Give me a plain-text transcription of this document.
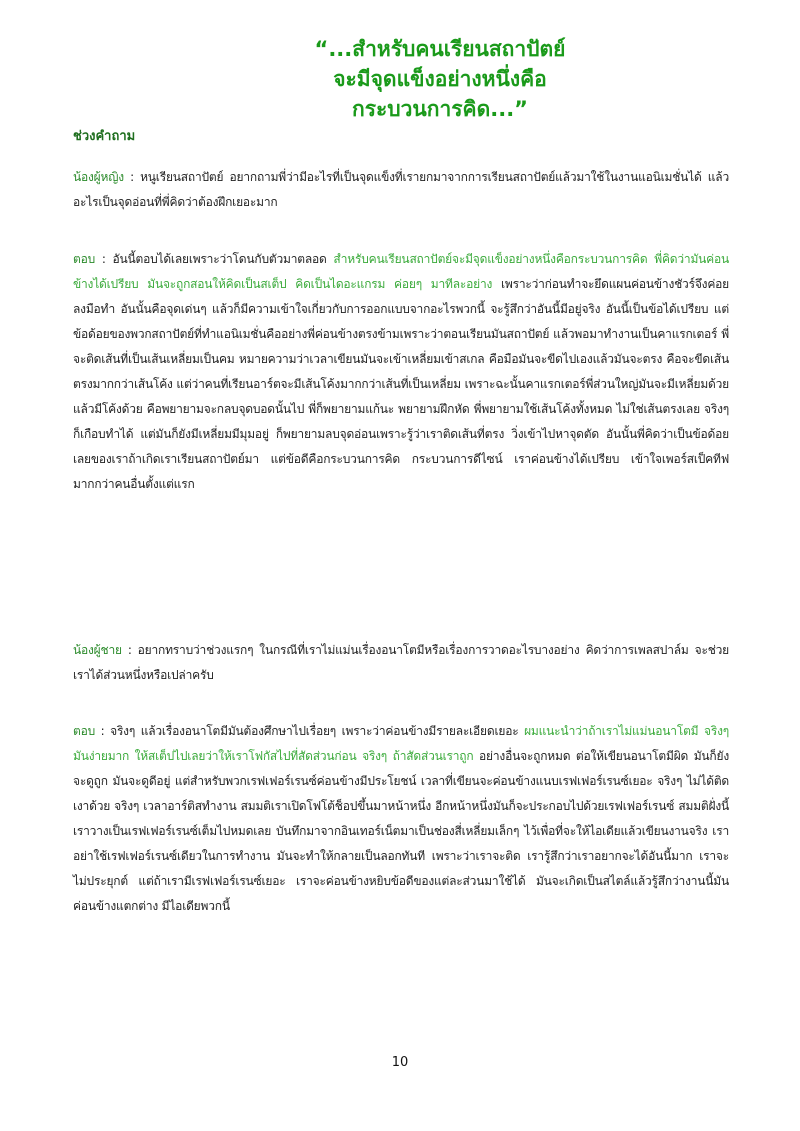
“...สำหรับคนเรียนสถาปัตย์
จะมีจุดแข็งอย่างหนึ่งคือ
กระบวนการคิด...”
ช่วงคำถาม
น้องผู้หญิง : หนูเรียนสถาปัตย์ อยากถามพี่ว่ามีอะไรที่เป็นจุดแข็งที่เรายกมาจากการเรียนสถาปัตย์แล้วมาใช้ในงานแอนิเมชั่นได้ แล้วอะไรเป็นจุดอ่อนที่พี่คิดว่าต้องฝึกเยอะมาก
ตอบ : อันนี้ตอบได้เลยเพราะว่าโดนกับตัวมาตลอด สำหรับคนเรียนสถาปัตย์จะมีจุดแข็งอย่างหนึ่งคือกระบวนการคิด พี่คิดว่ามันค่อนข้างได้เปรียบ มันจะถูกสอนให้คิดเป็นสเต็ป คิดเป็นไดอะแกรม ค่อยๆ มาทีละอย่าง เพราะว่าก่อนทำจะยึดแผนค่อนข้างชัวร์จึงค่อยลงมือทำ อันนั้นคือจุดเด่นๆ แล้วก็มีความเข้าใจเกี่ยวกับการออกแบบจากอะไรพวกนี้ จะรู้สึกว่าอันนี้มีอยู่จริง อันนี้เป็นข้อได้เปรียบ แต่ข้อด้อยของพวกสถาปัตย์ที่ทำแอนิเมชั่นคืออย่างพี่ค่อนข้างตรงข้ามเพราะว่าตอนเรียนมันสถาปัตย์ แล้วพอมาทำงานเป็นคาแรกเตอร์ พี่จะติดเส้นที่เป็นเส้นเหลี่ยมเป็นคม หมายความว่าเวลาเขียนมันจะเข้าเหลี่ยมเข้าสเกล คือมือมันจะขีดไปเองแล้วมันจะตรง คือจะขีดเส้นตรงมากกว่าเส้นโค้ง แต่ว่าคนที่เรียนอาร์ตจะมีเส้นโค้งมากกว่าเส้นที่เป็นเหลี่ยม เพราะฉะนั้นคาแรกเตอร์พี่ส่วนใหญ่มันจะมีเหลี่ยมด้วยแล้วมีโค้งด้วย คือพยายามจะกลบจุดบอดนั้นไป พี่ก็พยายามแก้นะ พยายามฝึกหัด พี่พยายามใช้เส้นโค้งทั้งหมด ไม่ใช่เส้นตรงเลย จริงๆ ก็เกือบทำได้ แต่มันก็ยังมีเหลี่ยมมีมุมอยู่ ก็พยายามลบจุดอ่อนเพราะรู้ว่าเราติดเส้นที่ตรง วิ่งเข้าไปหาจุดตัด อันนั้นพี่คิดว่าเป็นข้อด้อยเลยของเราถ้าเกิดเราเรียนสถาปัตย์มา แต่ข้อดีคือกระบวนการคิด กระบวนการดีไซน์ เราค่อนข้างได้เปรียบ เข้าใจเพอร์สเป็คทีฟมากกว่าคนอื่นตั้งแต่แรก
น้องผู้ชาย : อยากทราบว่าช่วงแรกๆ ในกรณีที่เราไม่แม่นเรื่องอนาโตมีหรือเรื่องการวาดอะไรบางอย่าง คิดว่าการเพลสปาล์ม จะช่วยเราได้ส่วนหนึ่งหรือเปล่าครับ
ตอบ : จริงๆ แล้วเรื่องอนาโตมีมันต้องศึกษาไปเรื่อยๆ เพราะว่าค่อนข้างมีรายละเอียดเยอะ ผมแนะนำว่าถ้าเราไม่แม่นอนาโตมี จริงๆ มันง่ายมาก ให้สเต็ปไปเลยว่าให้เราโฟกัสไปที่สัดส่วนก่อน จริงๆ ถ้าสัดส่วนเราถูก อย่างอื่นจะถูกหมด ต่อให้เขียนอนาโตมีผิด มันก็ยังจะดูถูก มันจะดูดีอยู่ แต่สำหรับพวกเรฟเฟอร์เรนซ์ค่อนข้างมีประโยชน์ เวลาที่เขียนจะค่อนข้างแนบเรฟเฟอร์เรนซ์เยอะ จริงๆ ไม่ได้ติดเงาด้วย จริงๆ เวลาอาร์ติสทำงาน สมมติเราเปิดโฟโต้ช็อปขึ้นมาหน้าหนึ่ง อีกหน้าหนึ่งมันก็จะประกอบไปด้วยเรฟเฟอร์เรนซ์ สมมติฝั่งนี้เราวางเป็นเรฟเฟอร์เรนซ์เต็มไปหมดเลย บันทึกมาจากอินเทอร์เน็ตมาเป็นช่องสี่เหลี่ยมเล็กๆ ไว้เพื่อที่จะให้ไอเดียแล้วเขียนงานจริง เราอย่าใช้เรฟเฟอร์เรนซ์เดียวในการทำงาน มันจะทำให้กลายเป็นลอกทันที เพราะว่าเราจะติด เรารู้สึกว่าเราอยากจะได้อันนี้มาก เราจะไม่ประยุกต์ แต่ถ้าเรามีเรฟเฟอร์เรนซ์เยอะ เราจะค่อนข้างหยิบข้อดีของแต่ละส่วนมาใช้ได้ มันจะเกิดเป็นสไตล์แล้วรู้สึกว่างานนี้มันค่อนข้างแตกต่าง มีไอเดียพวกนี้
10
